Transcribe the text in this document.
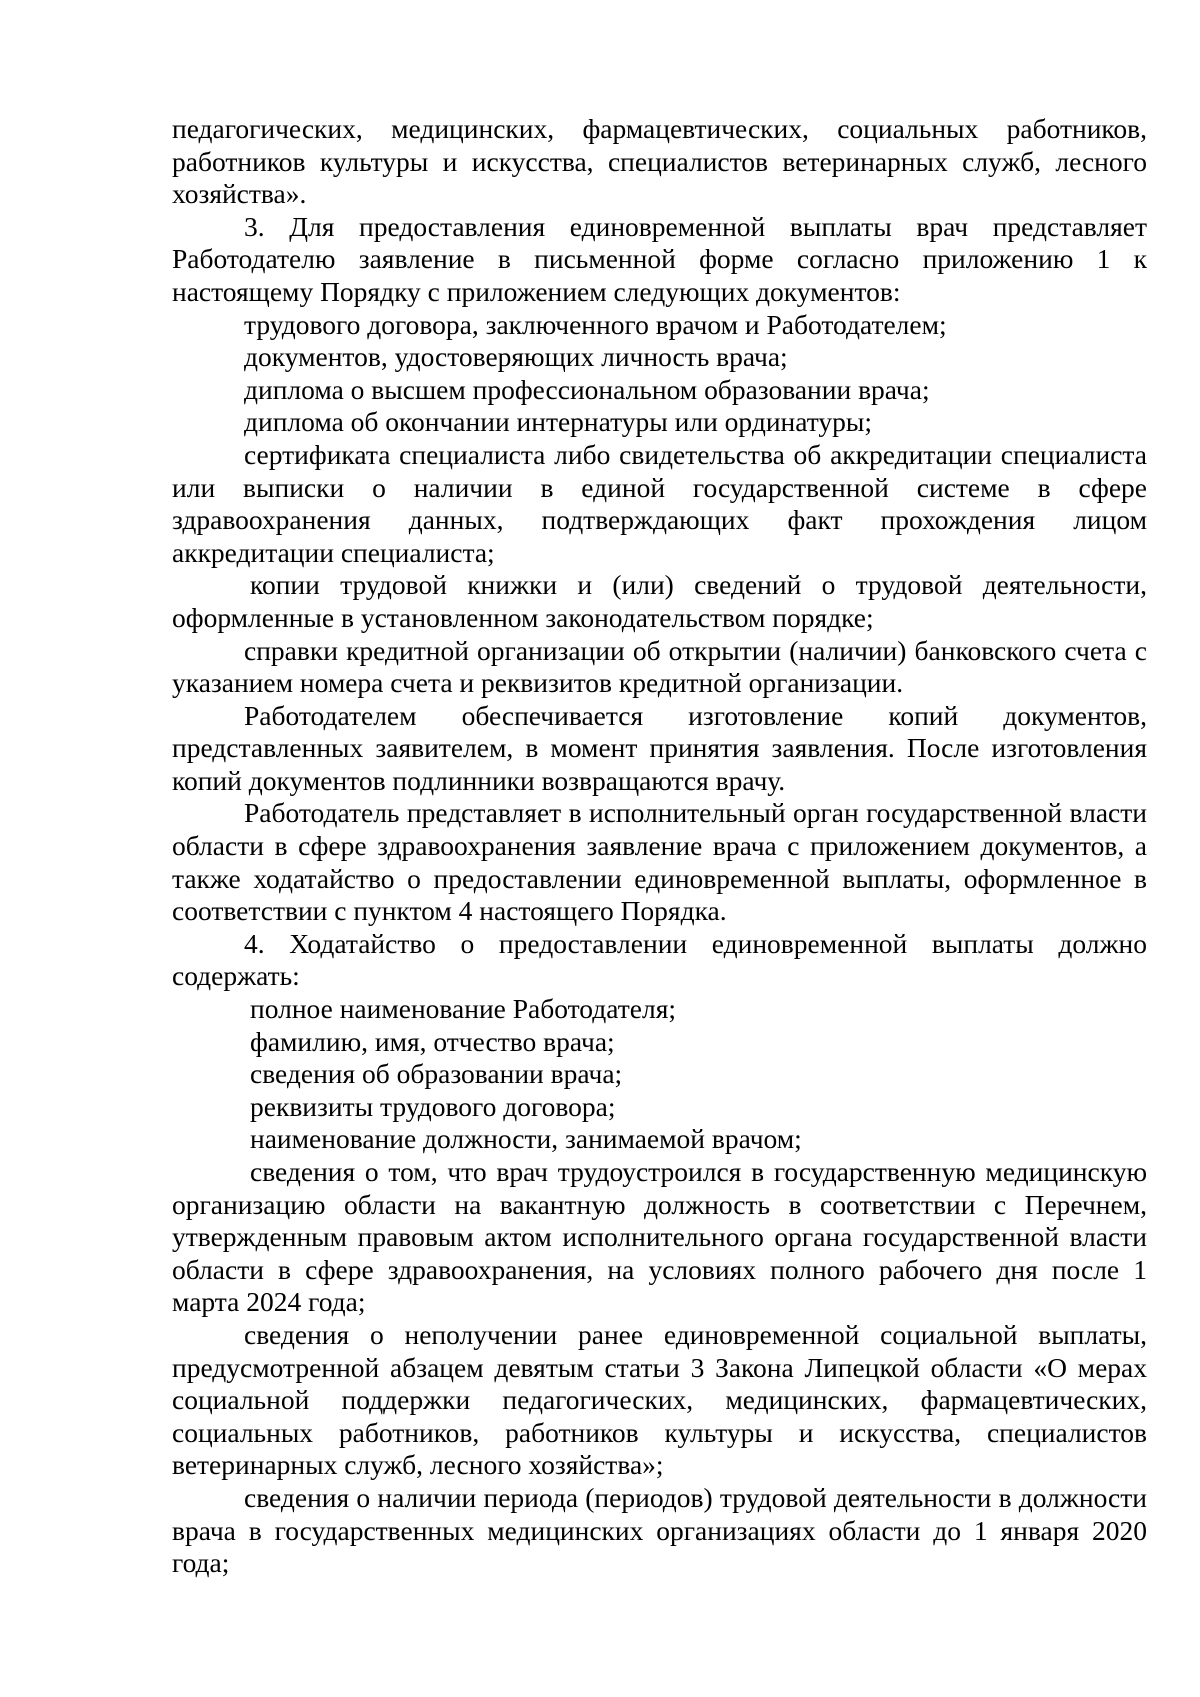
педагогических, медицинских, фармацевтических, социальных работников, работников культуры и искусства, специалистов ветеринарных служб, лесного хозяйства».

3. Для предоставления единовременной выплаты врач представляет Работодателю заявление в письменной форме согласно приложению 1 к настоящему Порядку с приложением следующих документов:

трудового договора, заключенного врачом и Работодателем;

документов, удостоверяющих личность врача;

диплома о высшем профессиональном образовании врача;

диплома об окончании интернатуры или ординатуры;

сертификата специалиста либо свидетельства об аккредитации специалиста или выписки о наличии в единой государственной системе в сфере здравоохранения данных, подтверждающих факт прохождения лицом аккредитации специалиста;

копии трудовой книжки и (или) сведений о трудовой деятельности, оформленные в установленном законодательством порядке;

справки кредитной организации об открытии (наличии) банковского счета с указанием номера счета и реквизитов кредитной организации.

Работодателем обеспечивается изготовление копий документов, представленных заявителем, в момент принятия заявления. После изготовления копий документов подлинники возвращаются врачу.

Работодатель представляет в исполнительный орган государственной власти области в сфере здравоохранения заявление врача с приложением документов, а также ходатайство о предоставлении единовременной выплаты, оформленное в соответствии с пунктом 4 настоящего Порядка.

4. Ходатайство о предоставлении единовременной выплаты должно содержать:

полное наименование Работодателя;

фамилию, имя, отчество врача;

сведения об образовании врача;

реквизиты трудового договора;

наименование должности, занимаемой врачом;

сведения о том, что врач трудоустроился в государственную медицинскую организацию области на вакантную должность в соответствии с Перечнем, утвержденным правовым актом исполнительного органа государственной власти области в сфере здравоохранения, на условиях полного рабочего дня после 1 марта 2024 года;

сведения о неполучении ранее единовременной социальной выплаты, предусмотренной абзацем девятым статьи 3 Закона Липецкой области «О мерах социальной поддержки педагогических, медицинских, фармацевтических, социальных работников, работников культуры и искусства, специалистов ветеринарных служб, лесного хозяйства»;

сведения о наличии периода (периодов) трудовой деятельности в должности врача в государственных медицинских организациях области до 1 января 2020 года;
